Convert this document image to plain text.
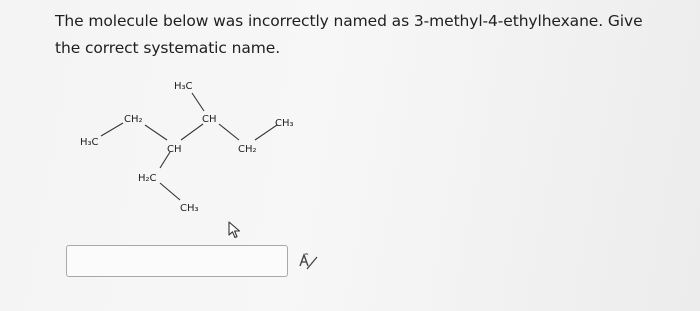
The molecule below was incorrectly named as 3-methyl-4-ethylhexane. Give the correct systematic name.
H₃C
CH	CH₃
CH₂
H₃C
CH	CH₂
H₂C
CH₃
